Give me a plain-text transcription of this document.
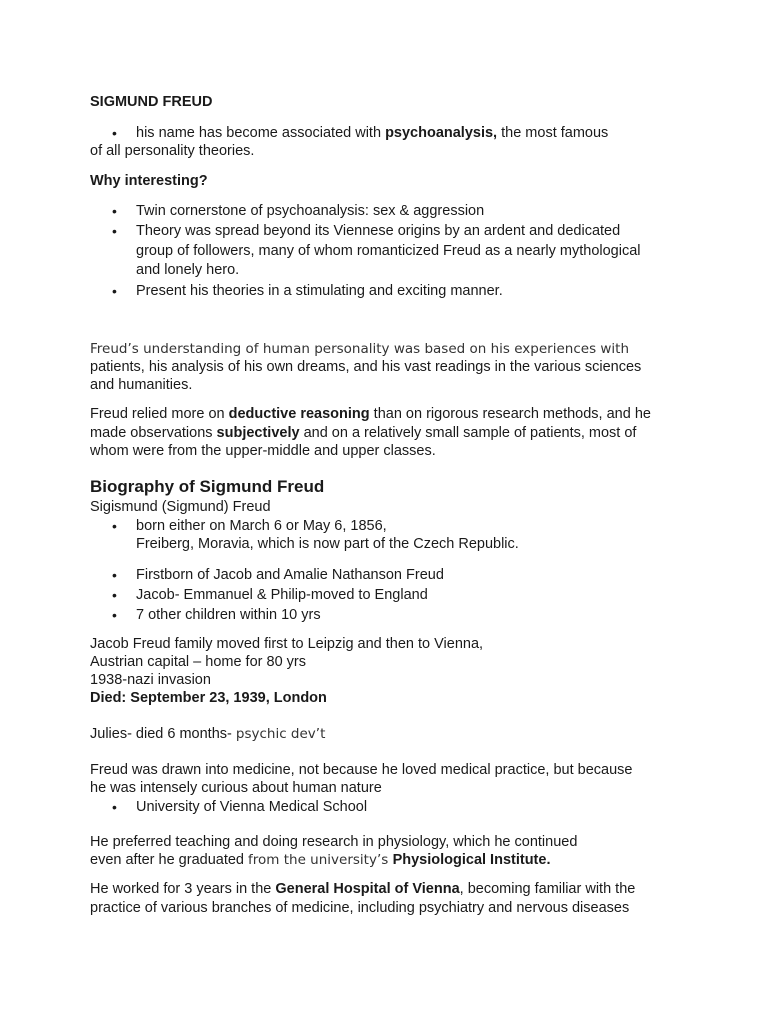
SIGMUND FREUD
• his name has become associated with psychoanalysis, the most famous
of all personality theories.
Why interesting?
• Twin cornerstone of psychoanalysis: sex & aggression
• Theory was spread beyond its Viennese origins by an ardent and dedicated
group of followers, many of whom romanticized Freud as a nearly mythological
and lonely hero.
• Present his theories in a stimulating and exciting manner.
Freud’s understanding of human personality was based on his experiences with
patients, his analysis of his own dreams, and his vast readings in the various sciences
and humanities.
Freud relied more on deductive reasoning than on rigorous research methods, and he
made observations subjectively and on a relatively small sample of patients, most of
whom were from the upper-middle and upper classes.
Biography of Sigmund Freud
Sigismund (Sigmund) Freud
• born either on March 6 or May 6, 1856,
Freiberg, Moravia, which is now part of the Czech Republic.
• Firstborn of Jacob and Amalie Nathanson Freud
• Jacob- Emmanuel & Philip-moved to England
• 7 other children within 10 yrs
Jacob Freud family moved first to Leipzig and then to Vienna,
Austrian capital – home for 80 yrs
1938-nazi invasion
Died: September 23, 1939, London
Julies- died 6 months- psychic dev’t
Freud was drawn into medicine, not because he loved medical practice, but because
he was intensely curious about human nature
• University of Vienna Medical School
He preferred teaching and doing research in physiology, which he continued
even after he graduated from the university’s Physiological Institute.
He worked for 3 years in the General Hospital of Vienna, becoming familiar with the
practice of various branches of medicine, including psychiatry and nervous diseases
